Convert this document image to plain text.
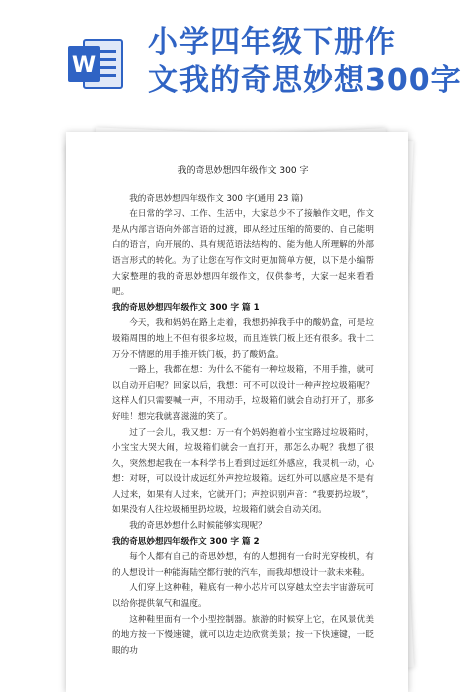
W
小学四年级下册作
文我的奇思妙想300字
我的奇思妙想四年级作文 300 字

我的奇思妙想四年级作文 300 字(通用 23 篇)

在日常的学习、工作、生活中，大家总少不了接触作文吧，作文是从内部言语向外部言语的过渡，即从经过压缩的简要的、自己能明白的语言，向开展的、具有规范语法结构的、能为他人所理解的外部语言形式的转化。为了让您在写作文时更加简单方便，以下是小编帮大家整理的我的奇思妙想四年级作文，仅供参考，大家一起来看看吧。

我的奇思妙想四年级作文 300 字 篇 1

今天，我和妈妈在路上走着，我想扔掉我手中的酸奶盒，可是垃圾箱周围的地上不但有很多垃圾，而且连铁门板上还有很多。我十二万分不情愿的用手推开铁门板，扔了酸奶盒。

一路上，我都在想：为什么不能有一种垃圾箱，不用手推，就可以自动开启呢？回家以后，我想：可不可以设计一种声控垃圾箱呢？这样人们只需要喊一声，不用动手，垃圾箱们就会自动打开了，那多好哇！想完我就喜滋滋的笑了。

过了一会儿，我又想：万一有个妈妈抱着小宝宝路过垃圾箱时，小宝宝大哭大闹，垃圾箱们就会一直打开，那怎么办呢？我想了很久，突然想起我在一本科学书上看到过远红外感应，我灵机一动，心想：对呀，可以设计成远红外声控垃圾箱。远红外可以感应是不是有人过来，如果有人过来，它就开门；声控识别声音：“我要扔垃圾”，如果没有人往垃圾桶里扔垃圾，垃圾箱们就会自动关闭。

我的奇思妙想什么时候能够实现呢？

我的奇思妙想四年级作文 300 字 篇 2

每个人都有自己的奇思妙想，有的人想拥有一台时光穿梭机，有的人想设计一种能海陆空都行驶的汽车，而我却想设计一款未来鞋。

人们穿上这种鞋，鞋底有一种小芯片可以穿越太空去宇宙游玩可以给你提供氧气和温度。

这种鞋里面有一个小型控制器。旅游的时候穿上它，在风景优美的地方按一下慢速键，就可以边走边欣赏美景；按一下快速键，一眨眼的功
